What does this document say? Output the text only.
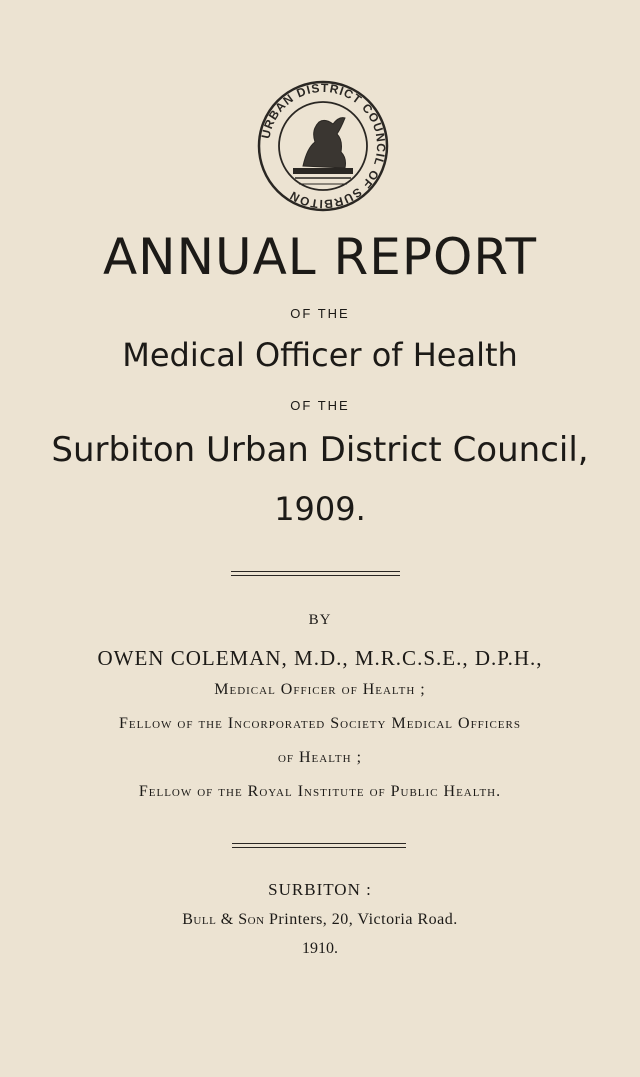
URBAN DISTRICT COUNCIL OF SURBITON
ANNUAL REPORT
OF THE
Medical Officer of Health
OF THE
Surbiton Urban District Council,
1909.
BY
OWEN COLEMAN, M.D., M.R.C.S.E., D.P.H.,
Medical Officer of Health ;
Fellow of the Incorporated Society Medical Officers
of Health ;
Fellow of the Royal Institute of Public Health.
SURBITON :
Bull & Son Printers, 20, Victoria Road.
1910.
